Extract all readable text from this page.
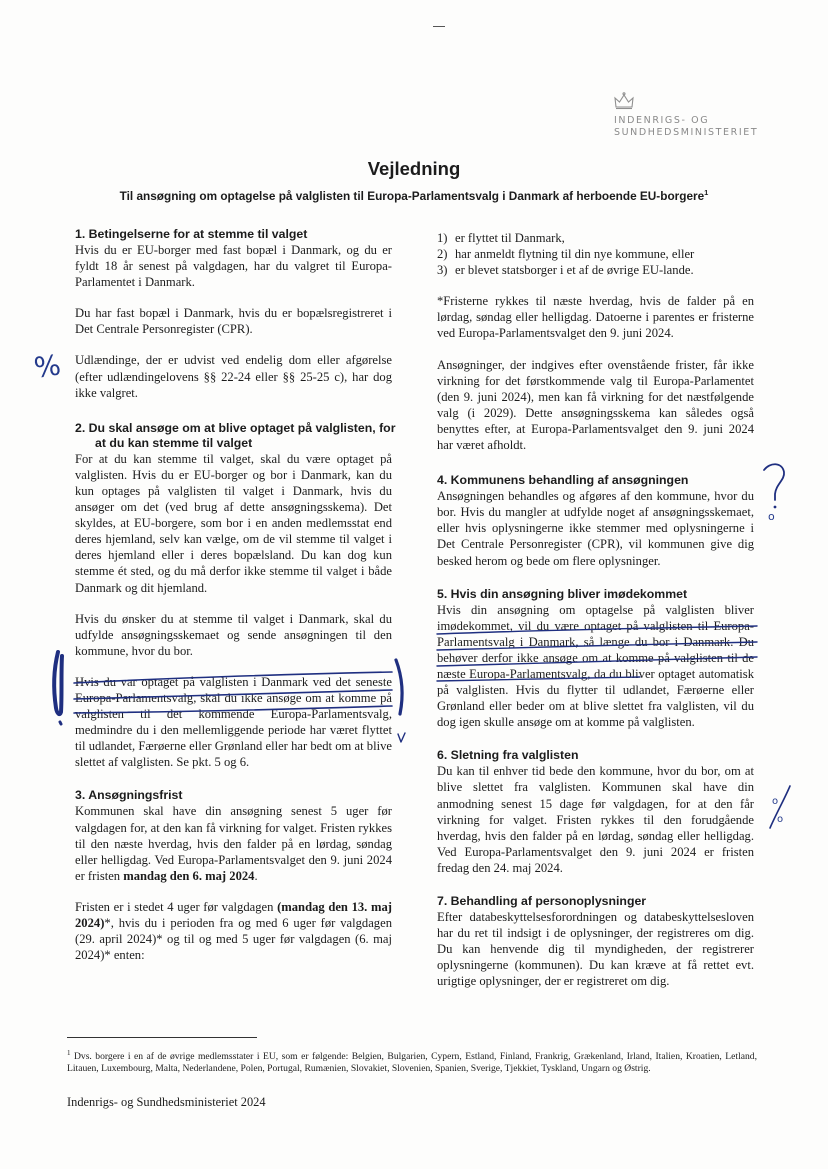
INDENRIGS- OG
SUNDHEDSMINISTERIET
Vejledning
Til ansøgning om optagelse på valglisten til Europa-Parlamentsvalg i Danmark af herboende EU-borgere$^1$
1. Betingelserne for at stemme til valget

Hvis du er EU-borger med fast bopæl i Danmark, og du er fyldt 18 år senest på valgdagen, har du valgret til Europa-Parlamentet i Danmark.

Du har fast bopæl i Danmark, hvis du er bopælsregistreret i Det Centrale Personregister (CPR).

Udlændinge, der er udvist ved endelig dom eller afgørelse (efter udlændingelovens §§ 22-24 eller §§ 25-25 c), har dog ikke valgret.

2. Du skal ansøge om at blive optaget på valglisten, for
at du kan stemme til valget

For at du kan stemme til valget, skal du være optaget på valglisten. Hvis du er EU-borger og bor i Danmark, kan du kun optages på valglisten til valget i Danmark, hvis du ansøger om det (ved brug af dette ansøgningsskema). Det skyldes, at EU-borgere, som bor i en anden medlemsstat end deres hjemland, selv kan vælge, om de vil stemme til valget i deres hjemland eller i deres bopælsland. Du kan dog kun stemme ét sted, og du må derfor ikke stemme til valget i både Danmark og dit hjemland.

Hvis du ønsker du at stemme til valget i Danmark, skal du udfylde ansøgningsskemaet og sende ansøgningen til den kommune, hvor du bor.

Hvis du var optaget på valglisten i Danmark ved det seneste Europa-Parlamentsvalg, skal du ikke ansøge om at komme på valglisten til det kommende Europa-Parlamentsvalg, medmindre du i den mellemliggende periode har været flyttet til udlandet, Færøerne eller Grønland eller har bedt om at blive slettet af valglisten. Se pkt. 5 og 6.

3. Ansøgningsfrist

Kommunen skal have din ansøgning senest 5 uger før valgdagen for, at den kan få virkning for valget. Fristen rykkes til den næste hverdag, hvis den falder på en lørdag, søndag eller helligdag. Ved Europa-Parlamentsvalget den 9. juni 2024 er fristen mandag den 6. maj 2024.

Fristen er i stedet 4 uger før valgdagen (mandag den 13. maj 2024)*, hvis du i perioden fra og med 6 uger før valgdagen (29. april 2024)* og til og med 5 uger før valgdagen (6. maj 2024)* enten:

1) er flyttet til Danmark,
2) har anmeldt flytning til din nye kommune, eller
3) er blevet statsborger i et af de øvrige EU-lande.

*Fristerne rykkes til næste hverdag, hvis de falder på en lørdag, søndag eller helligdag. Datoerne i parentes er fristerne ved Europa-Parlamentsvalget den 9. juni 2024.

Ansøgninger, der indgives efter ovenstående frister, får ikke virkning for det førstkommende valg til Europa-Parlamentet (den 9. juni 2024), men kan få virkning for det næstfølgende valg (i 2029). Dette ansøgningsskema kan således også benyttes efter, at Europa-Parlamentsvalget den 9. juni 2024 har været afholdt.

4. Kommunens behandling af ansøgningen

Ansøgningen behandles og afgøres af den kommune, hvor du bor. Hvis du mangler at udfylde noget af ansøgningsskemaet, eller hvis oplysningerne ikke stemmer med oplysningerne i Det Centrale Personregister (CPR), vil kommunen give dig besked herom og bede om flere oplysninger.

5. Hvis din ansøgning bliver imødekommet

Hvis din ansøgning om optagelse på valglisten bliver imødekommet, vil du være optaget på valglisten til Europa-Parlamentsvalg i Danmark, så længe du bor i Danmark. Du behøver derfor ikke ansøge om at komme på valglisten til de næste Europa-Parlamentsvalg, da du bliver optaget automatisk på valglisten. Hvis du flytter til udlandet, Færøerne eller Grønland eller beder om at blive slettet fra valglisten, vil du dog igen skulle ansøge om at komme på valglisten.

6. Sletning fra valglisten

Du kan til enhver tid bede den kommune, hvor du bor, om at blive slettet fra valglisten. Kommunen skal have din anmodning senest 15 dage før valgdagen, for at den får virkning for valget. Fristen rykkes til den forudgående hverdag, hvis den falder på en lørdag, søndag eller helligdag. Ved Europa-Parlamentsvalget den 9. juni 2024 er fristen fredag den 24. maj 2024.

7. Behandling af personoplysninger

Efter databeskyttelsesforordningen og databeskyttelsesloven har du ret til indsigt i de oplysninger, der registreres om dig. Du kan henvende dig til myndigheden, der registrerer oplysningerne (kommunen). Du kan kræve at få rettet evt. urigtige oplysninger, der er registreret om dig.

$^1$ Dvs. borgere i en af de øvrige medlemsstater i EU, som er følgende: Belgien, Bulgarien, Cypern, Estland, Finland, Frankrig, Grækenland, Irland, Italien, Kroatien, Letland, Litauen, Luxembourg, Malta, Nederlandene, Polen, Portugal, Rumænien, Slovakiet, Slovenien, Spanien, Sverige, Tjekkiet, Tyskland, Ungarn og Østrig.
Indenrigs- og Sundhedsministeriet 2024
%
o
o
o
